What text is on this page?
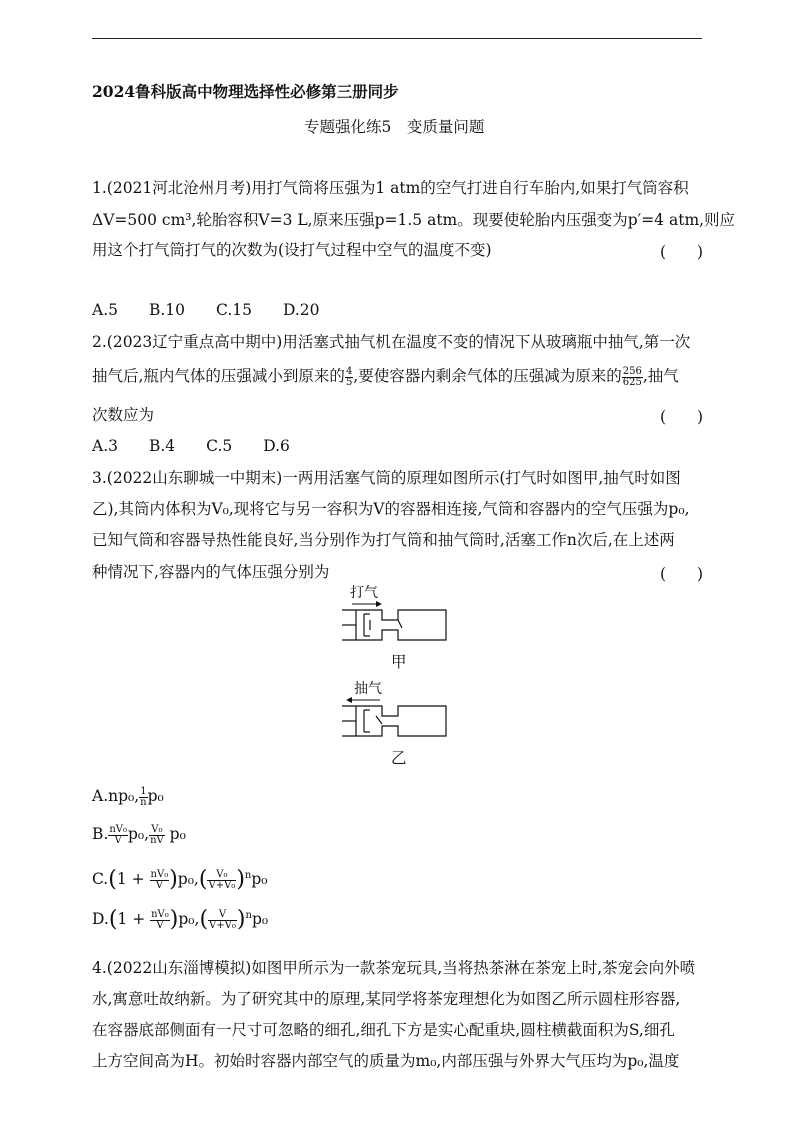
2024鲁科版高中物理选择性必修第三册同步
专题强化练5　变质量问题
1.(2021河北沧州月考)用打气筒将压强为1 atm的空气打进自行车胎内,如果打气筒容积
ΔV=500 cm³,轮胎容积V=3 L,原来压强p=1.5 atm。现要使轮胎内压强变为p′=4 atm,则应
用这个打气筒打气的次数为(设打气过程中空气的温度不变)	(　　)
A.5　　B.10　　C.15　　D.20
2.(2023辽宁重点高中期中)用活塞式抽气机在温度不变的情况下从玻璃瓶中抽气,第一次
抽气后,瓶内气体的压强减小到原来的 $\frac{4}{5}$ ,要使容器内剩余气体的压强减为原来的 $\frac{256}{625}$ ,抽气
次数应为	(　　)
A.3　　B.4　　C.5　　D.6
3.(2022山东聊城一中期末)一两用活塞气筒的原理如图所示(打气时如图甲,抽气时如图
乙),其筒内体积为V₀,现将它与另一容积为V的容器相连接,气筒和容器内的空气压强为p₀,
已知气筒和容器导热性能良好,当分别作为打气筒和抽气筒时,活塞工作n次后,在上述两
种情况下,容器内的气体压强分别为	(　　)
打气
甲
抽气
乙
A.np₀, $\frac{1}{n} p_0$
B. $\frac{\text{nV₀}}{V} p_0$, $\frac{\text{V₀}}{nV} p_0$
$C.(1 + \frac{\text{nV₀}}{V} )p_0,( \frac{\text{V₀}}{\text{V+V₀}} )^np_0$
$D.(1 + \frac{\text{nV₀}}{V} )p_0,( \frac{V}{\text{V+V₀}} )^np_0$
4.(2022山东淄博模拟)如图甲所示为一款茶宠玩具,当将热茶淋在茶宠上时,茶宠会向外喷
水,寓意吐故纳新。为了研究其中的原理,某同学将茶宠理想化为如图乙所示圆柱形容器,
在容器底部侧面有一尺寸可忽略的细孔,细孔下方是实心配重块,圆柱横截面积为S,细孔
上方空间高为H。初始时容器内部空气的质量为m₀,内部压强与外界大气压均为p₀,温度
